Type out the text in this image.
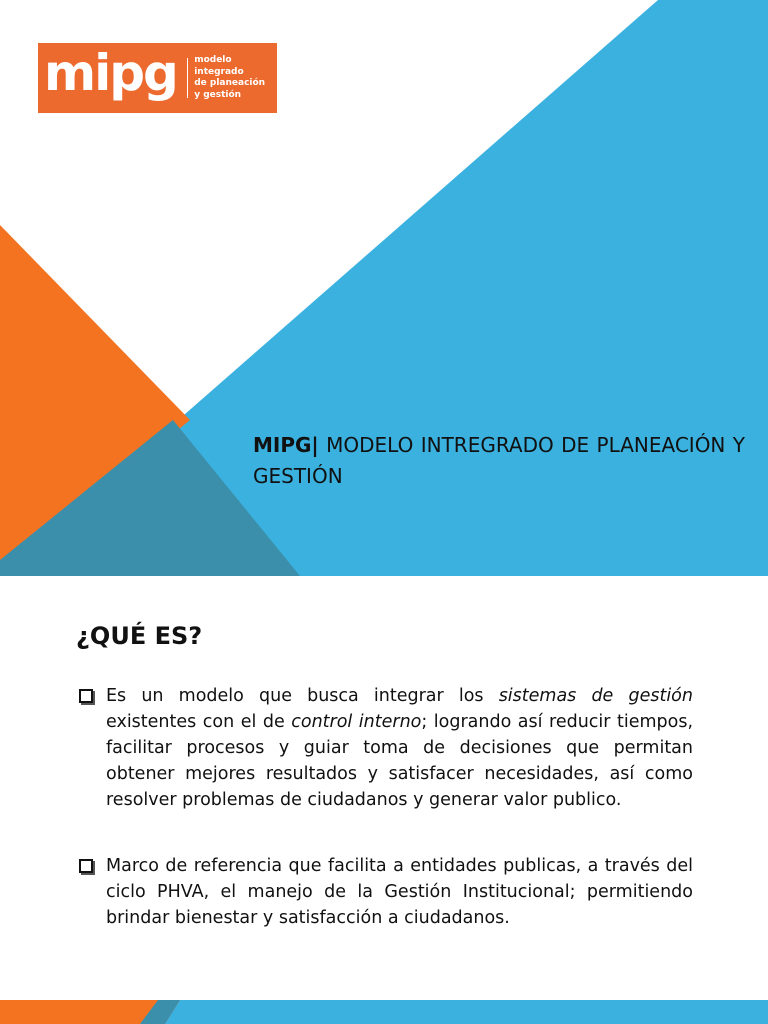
mipg modelo integrado
de planeación
y gestión
MIPG| MODELO INTREGRADO DE PLANEACIÓN Y GESTIÓN
¿QUÉ ES?

Es un modelo que busca integrar los sistemas de gestión existentes con el de control interno; logrando así reducir tiempos, facilitar procesos y guiar toma de decisiones que permitan obtener mejores resultados y satisfacer necesidades, así como resolver problemas de ciudadanos y generar valor publico.

Marco de referencia que facilita a entidades publicas, a través del ciclo PHVA, el manejo de la Gestión Institucional; permitiendo brindar bienestar y satisfacción a ciudadanos.
